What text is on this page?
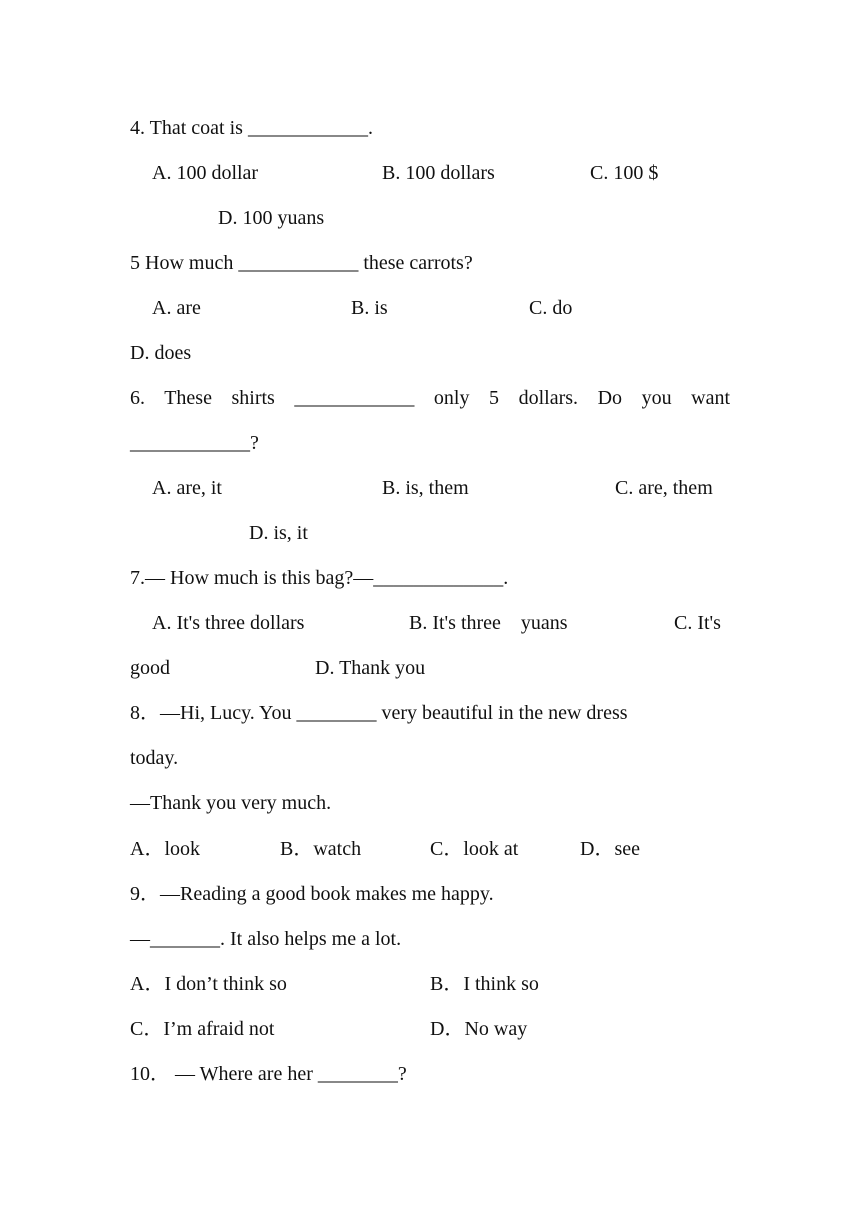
4. That coat is ____________.
A. 100 dollar	B. 100 dollars	C. 100 $
D. 100 yuans
5 How much ____________ these carrots?
A. are	B. is	C. do
D. does
6. These shirts ____________ only 5 dollars. Do you want
____________?
A. are, it	B. is, them	C. are, them
D. is, it
7.— How much is this bag?—_____________.
A. It's three dollars	B. It's three    yuans	C. It's
good	D. Thank you
8．—Hi, Lucy. You ________ very beautiful in the new dress
today.
—Thank you very much.
A．look	B．watch	C．look at	D．see
9．—Reading a good book makes me happy.
—_______. It also helps me a lot.
A．I don’t think so	B．I think so
C．I’m afraid not	D．No way
10． — Where are her ________?
